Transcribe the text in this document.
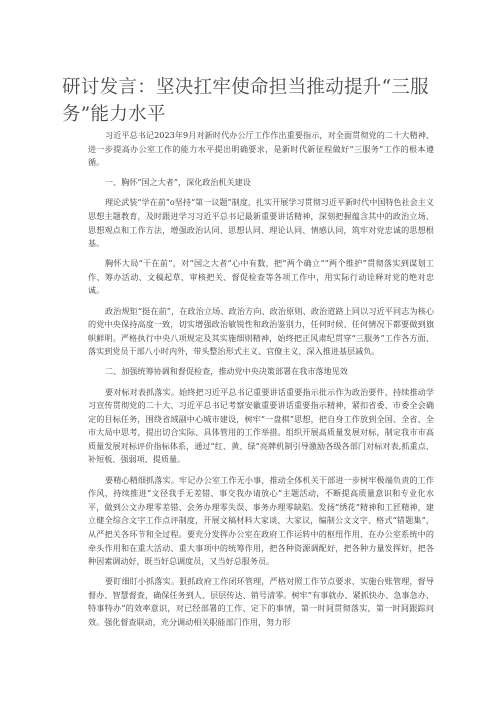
研讨发言：坚决扛牢使命担当推动提升“三服务”能力水平

习近平总书记2023年9月对新时代办公厅工作作出重要指示，对全面贯彻党的二十大精神、进一步提高办公室工作的能力水平提出明确要求，是新时代新征程做好“三服务”工作的根本遵循。

一、胸怀“国之大者”，深化政治机关建设

理论武装“学在前”o坚持“第一议题”制度，扎实开展学习贯彻习近平新时代中国特色社会主义思想主题教育，及时跟进学习习近平总书记最新重要讲话精神，深刻把握蕴含其中的政治立场、思想观点和工作方法，增强政治认同、思想认同、理论认同、情感认同，筑牢对党忠诚的思想根基。

胸怀大局“干在前”，对“国之大者”心中有数，把“两个确立”“两个维护”贯彻落实到谋划工作、筹办活动、文稿起草、审核把关、督促检查等各项工作中，用实际行动诠释对党的绝对忠诚。

政治规矩“挺在前”，在政治立场、政治方向、政治原则、政治道路上同以习近平同志为核心的党中央保持高度一致，切实增强政治敏锐性和政治鉴别力，任何时候、任何情况下都要做到旗帜鲜明。严格执行中央八项规定及其实施细则精神，始终把正风肃纪贯穿“三服务”工作各方面、落实到党员干部八小时内外，带头整治形式主义、官僚主义，深入推进基层减负。

二、加强统筹协调和督促检查，推动党中央决策部署在我市落地见效

要对标对表抓落实。始终把习近平总书记重要讲话重要指示批示作为政治要件，持续推动学习宣传贯彻党的二十大、习近平总书记考察安徽重要讲话重要指示精神，紧扣省委、市委全会确定的目标任务，围绕省域副中心城市建设，树牢“一盘棋”思想，把自身工作放到全国、全省、全市大局中思考，提出切合实际、具体管用的工作举措。组织开展高质量发展对标，制定我市市高质量发展对标评价指标体系，通过“红、黄、绿”亮牌机制引导激励各级各部门对标对表,抓重点、补短板、强弱项、提质量。

要精心精细抓落实。牢记办公室工作无小事，推动全体机关干部进一步树牢极端负责的工作作风，持续推进“文径我手无差错、事交我办请放心”主题活动，不断提高质量意识和专业化水平，做到公文办理零差错、会务办理零失误、事务办理零缺陷。发扬“绣花”精神和工匠精神，建立健全综合文字工作点评制度，开展文稿材料大家谈、大家议，编制公文文字、格式“错题集”，从严把关各环节和全过程。要充分发挥办公室在政府工作运转中的枢纽作用、在办公室系统中的牵头作用和在重大活动、重大事项中的统筹作用，把各种资源调配好，把各种力量发挥好，把各种因素调动好，既当好总调度员，又当好总服务员。

要盯细盯小抓落实。狠抓政府工作闭环管理，严格对照工作节点要求，实施台账管理，督导督办、智慧督查，确保任务到人、层层传达、销号清零。树牢“有事就办、紧抓快办、急事急办、特事特办”的效率意识，对已经部署的工作、定下的事情，第一时间贯彻落实，第一时间跟踪问效。强化督查联动，充分调动相关职能部门作用，努力形
